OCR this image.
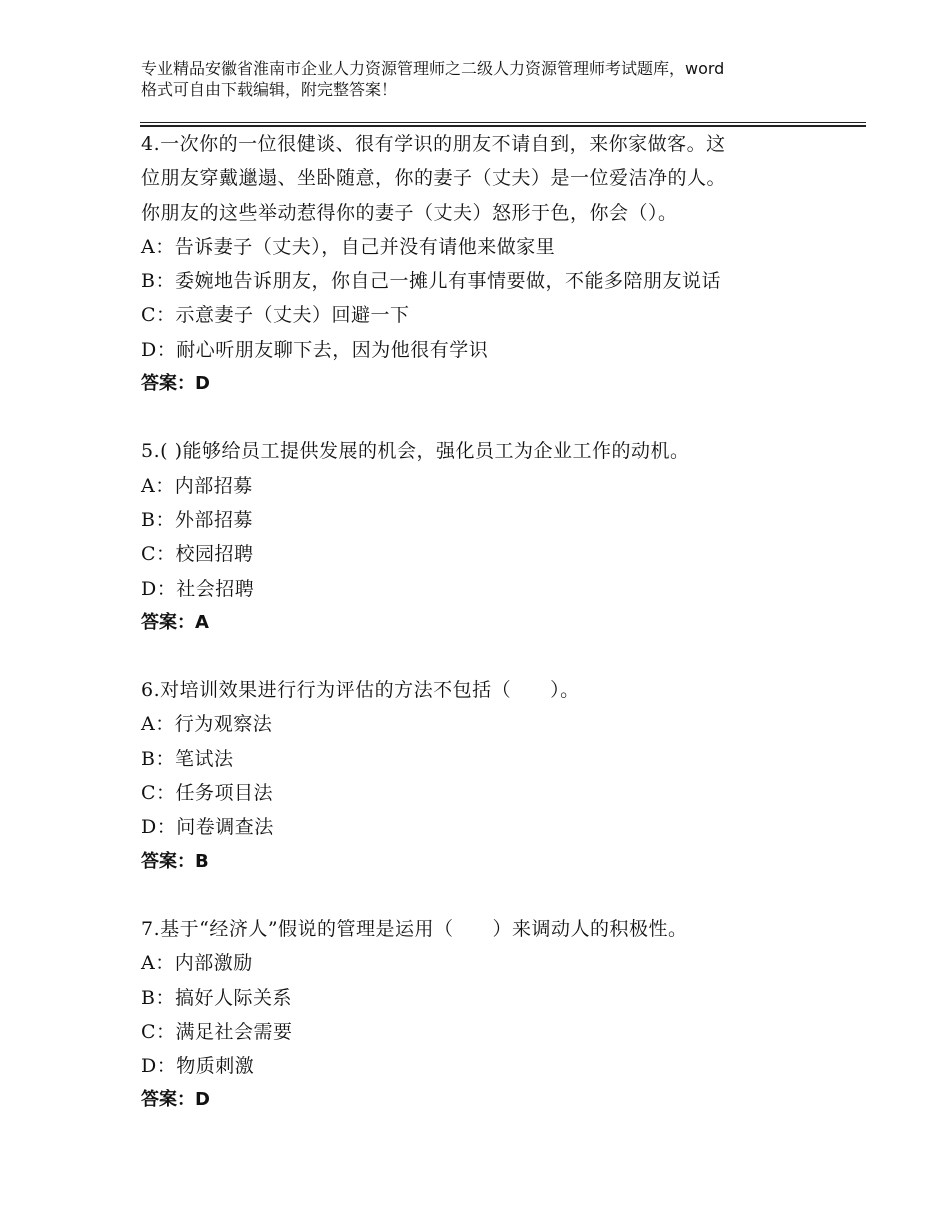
专业精品安徽省淮南市企业人力资源管理师之二级人力资源管理师考试题库，word
格式可自由下载编辑，附完整答案！
4.一次你的一位很健谈、很有学识的朋友不请自到，来你家做客。这
位朋友穿戴邋遢、坐卧随意，你的妻子（丈夫）是一位爱洁净的人。
你朋友的这些举动惹得你的妻子（丈夫）怒形于色，你会（）。
A：告诉妻子（丈夫），自己并没有请他来做家里
B：委婉地告诉朋友，你自己一摊儿有事情要做，不能多陪朋友说话
C：示意妻子（丈夫）回避一下
D：耐心听朋友聊下去，因为他很有学识
答案：D
5.( )能够给员工提供发展的机会，强化员工为企业工作的动机。
A：内部招募
B：外部招募
C：校园招聘
D：社会招聘
答案：A
6.对培训效果进行行为评估的方法不包括（　　）。
A：行为观察法
B：笔试法
C：任务项目法
D：问卷调查法
答案：B
7.基于“经济人”假说的管理是运用（　　）来调动人的积极性。
A：内部激励
B：搞好人际关系
C：满足社会需要
D：物质刺激
答案：D
